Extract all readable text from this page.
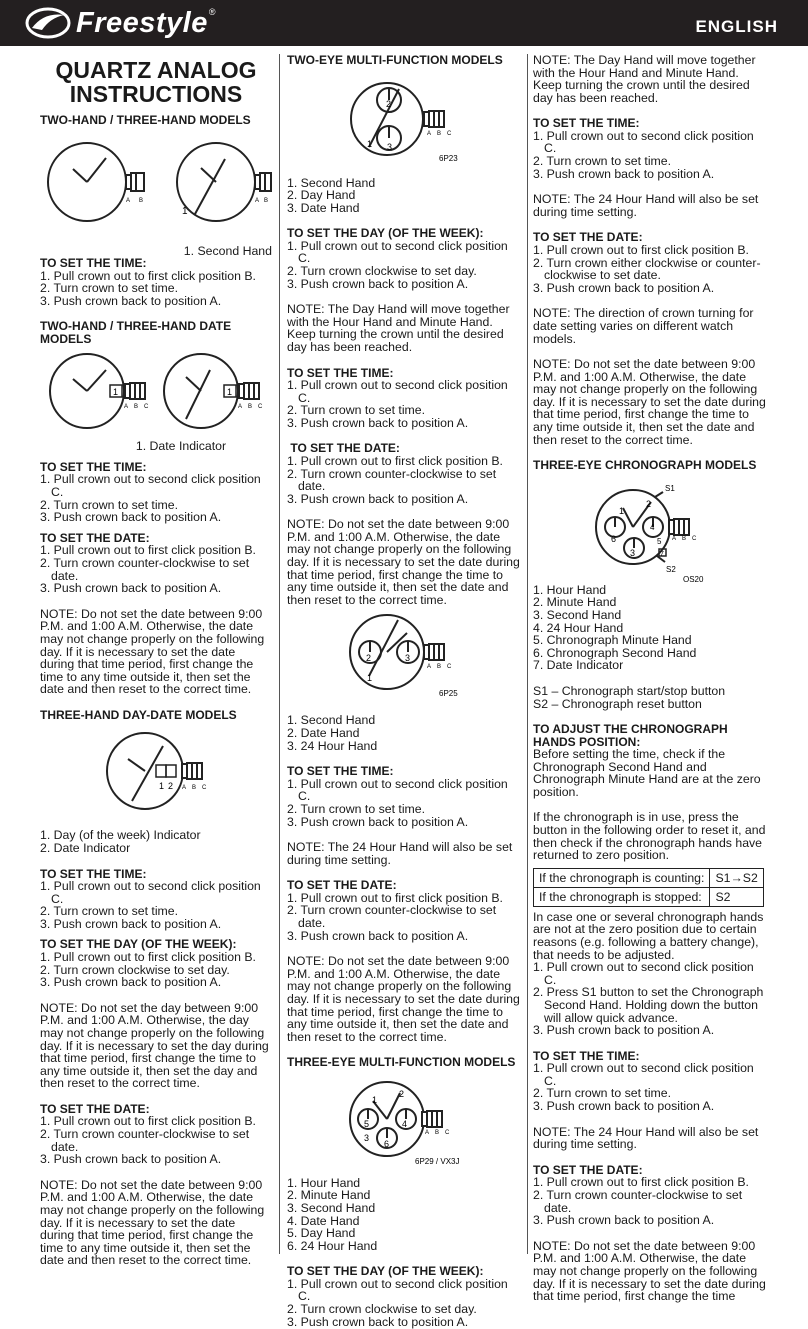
Freestyle®
ENGLISH
QUARTZ ANALOG INSTRUCTIONS
TWO-HAND / THREE-HAND MODELS
A B	A B
1

1. Second Hand

TO SET THE TIME:
1. Pull crown out to first click position B.
2. Turn crown to set time.
3. Push crown back to position A.
TWO-HAND / THREE-HAND DATE MODELS
1	1
A B C	A B C

1. Date Indicator

TO SET THE TIME:
1. Pull crown out to second click position C.
2. Turn crown to set time.
3. Push crown back to position A.
TO SET THE DATE:
1. Pull crown out to first click position B.
2. Turn crown counter-clockwise to set date.
3. Push crown back to position A.

NOTE: Do not set the date between 9:00 P.M. and 1:00 A.M. Otherwise, the date may not change properly on the following day. If it is necessary to set the date during that time period, first change the time to any time outside it, then set the date and then reset to the correct time.

THREE-HAND DAY-DATE MODELS
1 2 A B C

1. Day (of the week) Indicator

2. Date Indicator

TO SET THE TIME:
1. Pull crown out to second click position C.
2. Turn crown to set time.
3. Push crown back to position A.
TO SET THE DAY (OF THE WEEK):
1. Pull crown out to first click position B.
2. Turn crown clockwise to set day.
3. Push crown back to position A.

NOTE: Do not set the day between 9:00 P.M. and 1:00 A.M. Otherwise, the day may not change properly on the following day. If it is necessary to set the day during that time period, first change the time to any time outside it, then set the day and then reset to the correct time.

TO SET THE DATE:
1. Pull crown out to first click position B.
2. Turn crown counter-clockwise to set date.
3. Push crown back to position A.

NOTE: Do not set the date between 9:00 P.M. and 1:00 A.M. Otherwise, the date may not change properly on the following day. If it is necessary to set the date during that time period, first change the time to any time outside it, then set the date and then reset to the correct time.

TWO-EYE MULTI-FUNCTION MODELS
2
3
1
A B C
6P23

1. Second Hand

2. Day Hand

3. Date Hand

TO SET THE DAY (OF THE WEEK):
1. Pull crown out to second click position C.
2. Turn crown clockwise to set day.
3. Push crown back to position A.

NOTE: The Day Hand will move together with the Hour Hand and Minute Hand. Keep turning the crown until the desired day has been reached.

TO SET THE TIME:
1. Pull crown out to second click position C.
2. Turn crown to set time.
3. Push crown back to position A.
TO SET THE DATE:
1. Pull crown out to first click position B.
2. Turn crown counter-clockwise to set date.
3. Push crown back to position A.

NOTE: Do not set the date between 9:00 P.M. and 1:00 A.M. Otherwise, the date may not change properly on the following day. If it is necessary to set the date during that time period, first change the time to any time outside it, then set the date and then reset to the correct time.

2	3
1
A B C
6P25

1. Second Hand

2. Date Hand

3. 24 Hour Hand

TO SET THE TIME:
1. Pull crown out to second click position C.
2. Turn crown to set time.
3. Push crown back to position A.

NOTE: The 24 Hour Hand will also be set during time setting.

TO SET THE DATE:
1. Pull crown out to first click position B.
2. Turn crown counter-clockwise to set date.
3. Push crown back to position A.

NOTE: Do not set the date between 9:00 P.M. and 1:00 A.M. Otherwise, the date may not change properly on the following day. If it is necessary to set the date during that time period, first change the time to any time outside it, then set the date and then reset to the correct time.

THREE-EYE MULTI-FUNCTION MODELS
1
2
3
4
5
6
A B C
6P29 / VX3J

1. Hour Hand

2. Minute Hand

3. Second Hand

4. Date Hand

5. Day Hand

6. 24 Hour Hand

TO SET THE DAY (OF THE WEEK):
1. Pull crown out to second click position C.
2. Turn crown clockwise to set day.
3. Push crown back to position A.

NOTE: The Day Hand will move together with the Hour Hand and Minute Hand. Keep turning the crown until the desired day has been reached.

TO SET THE TIME:
1. Pull crown out to second click position C.
2. Turn crown to set time.
3. Push crown back to position A.

NOTE: The 24 Hour Hand will also be set during time setting.

TO SET THE DATE:
1. Pull crown out to first click position B.
2. Turn crown either clockwise or counter-clockwise to set date.
3. Push crown back to position A.

NOTE: The direction of crown turning for date setting varies on different watch models.

NOTE: Do not set the date between 9:00 P.M. and 1:00 A.M. Otherwise, the date may not change properly on the following day. If it is necessary to set the date during that time period, first change the time to any time outside it, then set the date and then reset to the correct time.

THREE-EYE CHRONOGRAPH MODELS
S1
S2
1
2
3
4
5
6
7
A B C
OS20

1. Hour Hand

2. Minute Hand

3. Second Hand

4. 24 Hour Hand

5. Chronograph Minute Hand

6. Chronograph Second Hand

7. Date Indicator

S1 – Chronograph start/stop button

S2 – Chronograph reset button

TO ADJUST THE CHRONOGRAPH HANDS POSITION:

Before setting the time, check if the Chronograph Second Hand and Chronograph Minute Hand are at the zero position.

If the chronograph is in use, press the button in the following order to reset it, and then check if the chronograph hands have returned to zero position.

If the chronograph is counting:	S1→S2
If the chronograph is stopped:	S2

In case one or several chronograph hands are not at the zero position due to certain reasons (e.g. following a battery change), that needs to be adjusted.

1. Pull crown out to second click position C.
2. Press S1 button to set the Chronograph Second Hand. Holding down the button will allow quick advance.
3. Push crown back to position A.
TO SET THE TIME:
1. Pull crown out to second click position C.
2. Turn crown to set time.
3. Push crown back to position A.

NOTE: The 24 Hour Hand will also be set during time setting.

TO SET THE DATE:
1. Pull crown out to first click position B.
2. Turn crown counter-clockwise to set date.
3. Push crown back to position A.

NOTE: Do not set the date between 9:00 P.M. and 1:00 A.M. Otherwise, the date may not change properly on the following day. If it is necessary to set the date during that time period, first change the time
